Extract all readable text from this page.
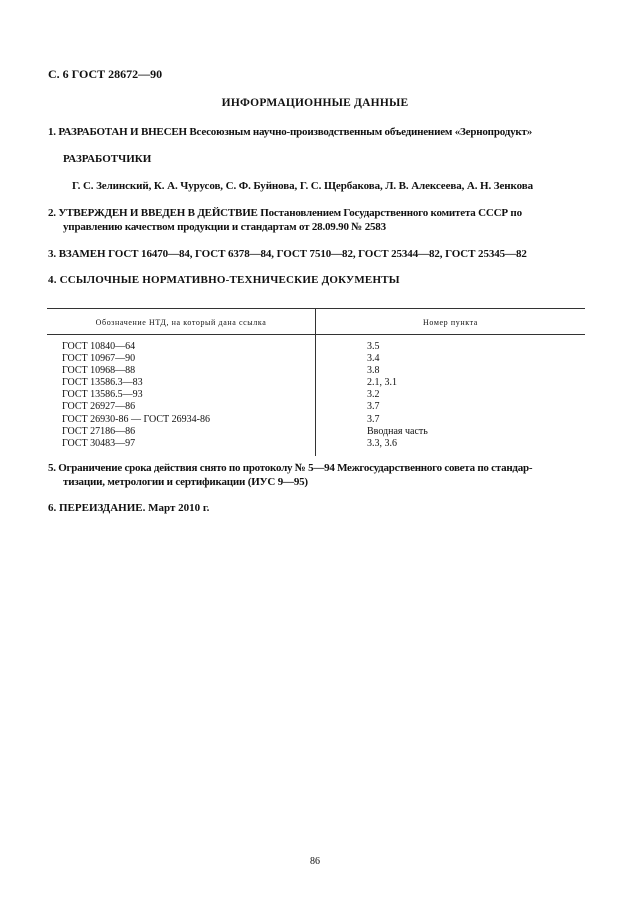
С. 6 ГОСТ 28672—90
ИНФОРМАЦИОННЫЕ ДАННЫЕ
1. РАЗРАБОТАН И ВНЕСЕН Всесоюзным научно-производственным объединением «Зернопродукт»
РАЗРАБОТЧИКИ
Г. С. Зелинский, К. А. Чурусов, С. Ф. Буйнова, Г. С. Щербакова, Л. В. Алексеева, А. Н. Зенкова
2. УТВЕРЖДЕН И ВВЕДЕН В ДЕЙСТВИЕ Постановлением Государственного комитета СССР по
управлению качеством продукции и стандартам от 28.09.90 № 2583
3. ВЗАМЕН ГОСТ 16470—84, ГОСТ 6378—84, ГОСТ 7510—82, ГОСТ 25344—82, ГОСТ 25345—82
4. ССЫЛОЧНЫЕ НОРМАТИВНО-ТЕХНИЧЕСКИЕ ДОКУМЕНТЫ
Обозначение НТД, на который дана ссылка	Номер пункта
ГОСТ 10840—64	3.5
ГОСТ 10967—90	3.4
ГОСТ 10968—88	3.8
ГОСТ 13586.3—83	2.1, 3.1
ГОСТ 13586.5—93	3.2
ГОСТ 26927—86	3.7
ГОСТ 26930-86 — ГОСТ 26934-86	3.7
ГОСТ 27186—86	Вводная часть
ГОСТ 30483—97	3.3, 3.6
5. Ограничение срока действия снято по протоколу № 5—94 Межгосударственного совета по стандар-
тизации, метрологии и сертификации (ИУС 9—95)
6. ПЕРЕИЗДАНИЕ. Март 2010 г.
86
